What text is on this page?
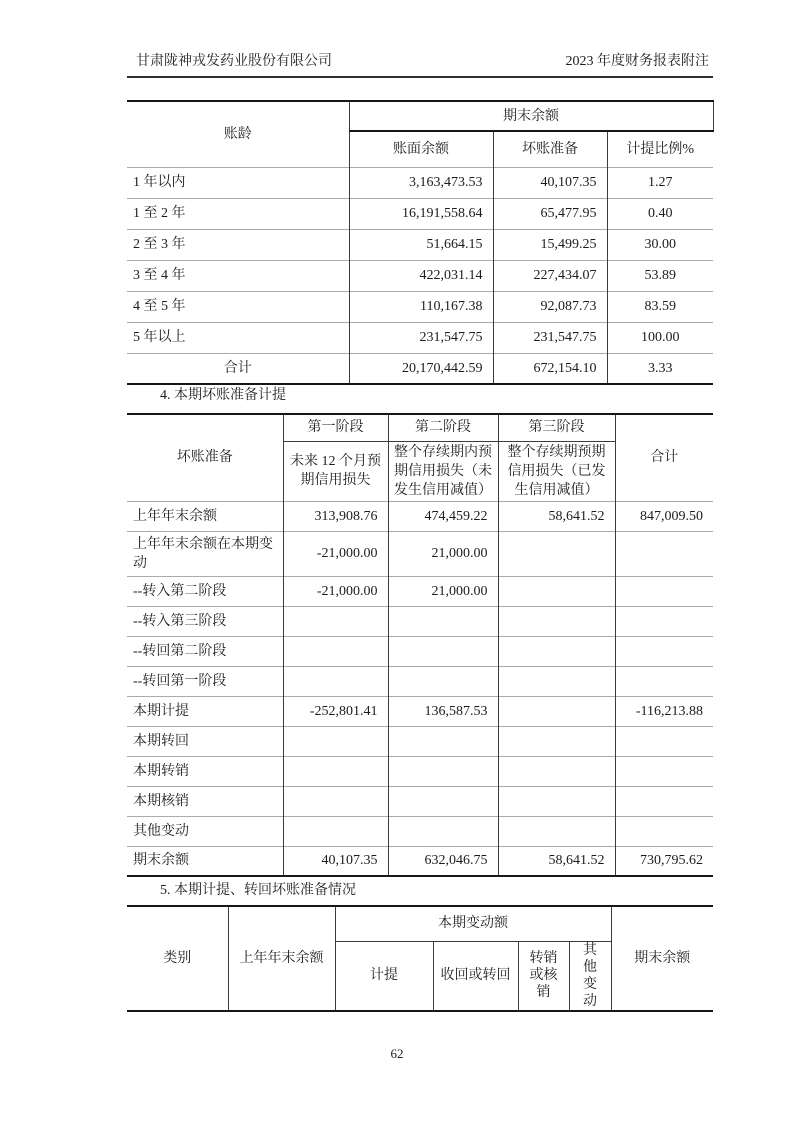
甘肃陇神戎发药业股份有限公司	2023 年度财务报表附注
账龄	期末余额		
	账面余额	坏账准备	计提比例%
1 年以内	3,163,473.53	40,107.35	1.27
1 至 2 年	16,191,558.64	65,477.95	0.40
2 至 3 年	51,664.15	15,499.25	30.00
3 至 4 年	422,031.14	227,434.07	53.89
4 至 5 年	110,167.38	92,087.73	83.59
5 年以上	231,547.75	231,547.75	100.00
合计	20,170,442.59	672,154.10	3.33
4. 本期坏账准备计提
坏账准备	第一阶段	第二阶段	第三阶段	合计
	未来 12 个月预期信用损失	整个存续期内预期信用损失（未发生信用减值）	整个存续期预期信用损失（已发生信用减值）	
上年年末余额	313,908.76	474,459.22	58,641.52	847,009.50
上年年末余额在本期变动	-21,000.00	21,000.00		
--转入第二阶段	-21,000.00	21,000.00		
--转入第三阶段				
--转回第二阶段				
--转回第一阶段				
本期计提	-252,801.41	136,587.53		-116,213.88
本期转回				
本期转销				
本期核销				
其他变动				
期末余额	40,107.35	632,046.75	58,641.52	730,795.62
5. 本期计提、转回坏账准备情况
类别	上年年末余额	本期变动额				期末余额
		计提	收回或转回	转销或核销	其他变动	
62
